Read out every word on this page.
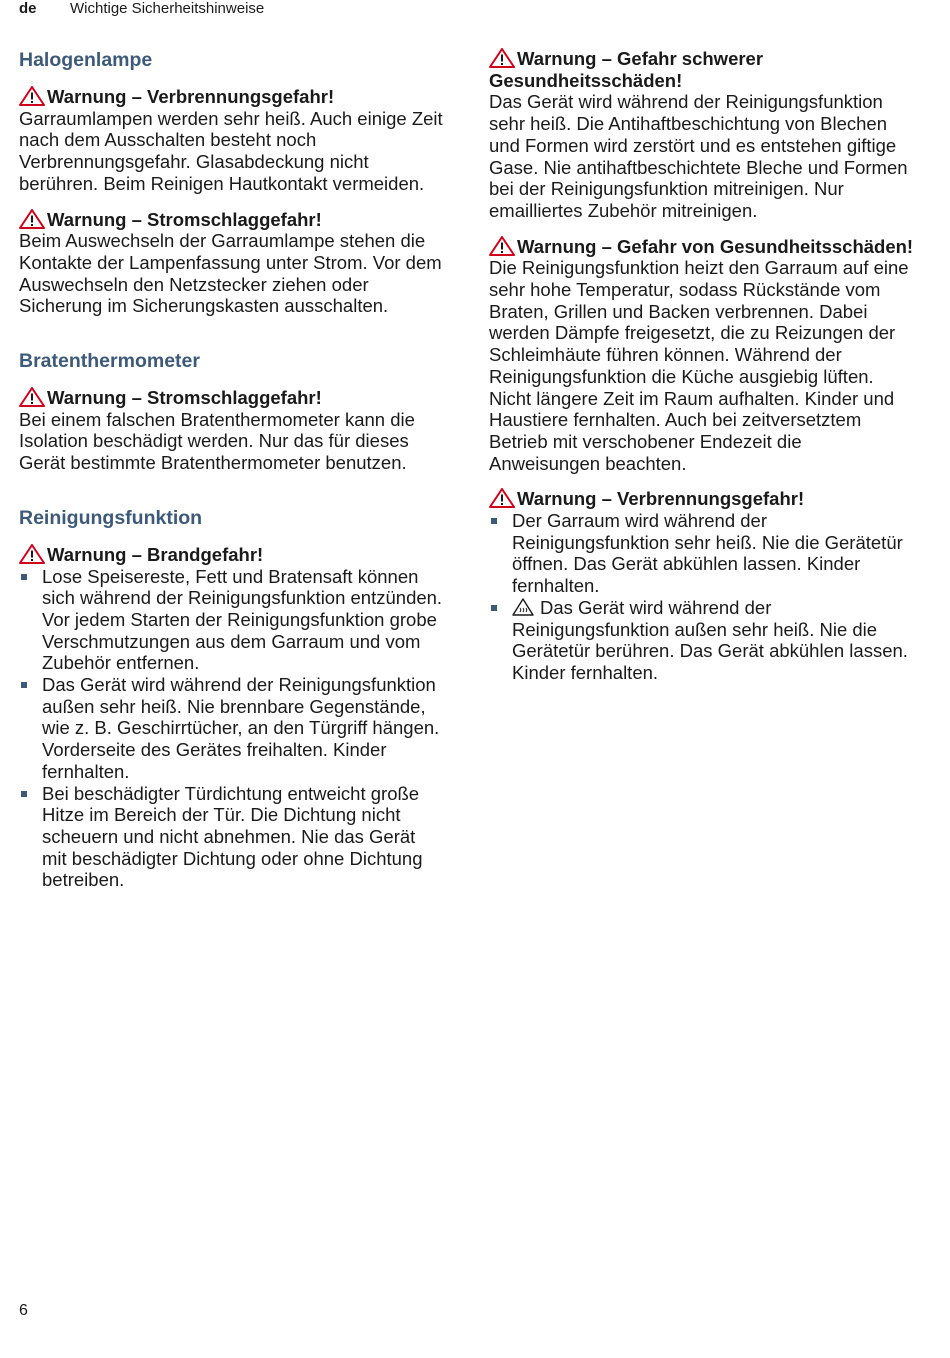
de Wichtige Sicherheitshinweise
Halogenlampe
Warnung – Verbrennungsgefahr!

Garraumlampen werden sehr heiß. Auch einige Zeit nach dem Ausschalten besteht noch Verbrennungsgefahr. Glasabdeckung nicht berühren. Beim Reinigen Hautkontakt vermeiden.

Warnung – Stromschlaggefahr!

Beim Auswechseln der Garraumlampe stehen die Kontakte der Lampenfassung unter Strom. Vor dem Auswechseln den Netzstecker ziehen oder Sicherung im Sicherungskasten ausschalten.

Bratenthermometer
Warnung – Stromschlaggefahr!

Bei einem falschen Bratenthermometer kann die Isolation beschädigt werden. Nur das für dieses Gerät bestimmte Bratenthermometer benutzen.

Reinigungsfunktion
Warnung – Brandgefahr!
Lose Speisereste, Fett und Bratensaft können sich während der Reinigungsfunktion entzünden. Vor jedem Starten der Reinigungsfunktion grobe Verschmutzungen aus dem Garraum und vom Zubehör entfernen.
Das Gerät wird während der Reinigungsfunktion außen sehr heiß. Nie brennbare Gegenstände, wie z. B. Geschirrtücher, an den Türgriff hängen. Vorderseite des Gerätes freihalten. Kinder fernhalten.
Bei beschädigter Türdichtung entweicht große Hitze im Bereich der Tür. Die Dichtung nicht scheuern und nicht abnehmen. Nie das Gerät mit beschädigter Dichtung oder ohne Dichtung betreiben.
Warnung – Gefahr schwerer Gesundheitsschäden!

Das Gerät wird während der Reinigungsfunktion sehr heiß. Die Antihaftbeschichtung von Blechen und Formen wird zerstört und es entstehen giftige Gase. Nie antihaftbeschichtete Bleche und Formen bei der Reinigungsfunktion mitreinigen. Nur emailliertes Zubehör mitreinigen.

Warnung – Gefahr von Gesundheitsschäden!

Die Reinigungsfunktion heizt den Garraum auf eine sehr hohe Temperatur, sodass Rückstände vom Braten, Grillen und Backen verbrennen. Dabei werden Dämpfe freigesetzt, die zu Reizungen der Schleimhäute führen können. Während der Reinigungsfunktion die Küche ausgiebig lüften. Nicht längere Zeit im Raum aufhalten. Kinder und Haustiere fernhalten. Auch bei zeitversetztem Betrieb mit verschobener Endezeit die Anweisungen beachten.

Warnung – Verbrennungsgefahr!
Der Garraum wird während der Reinigungsfunktion sehr heiß. Nie die Gerätetür öffnen. Das Gerät abkühlen lassen. Kinder fernhalten.
Das Gerät wird während der Reinigungsfunktion außen sehr heiß. Nie die Gerätetür berühren. Das Gerät abkühlen lassen. Kinder fernhalten.
6
